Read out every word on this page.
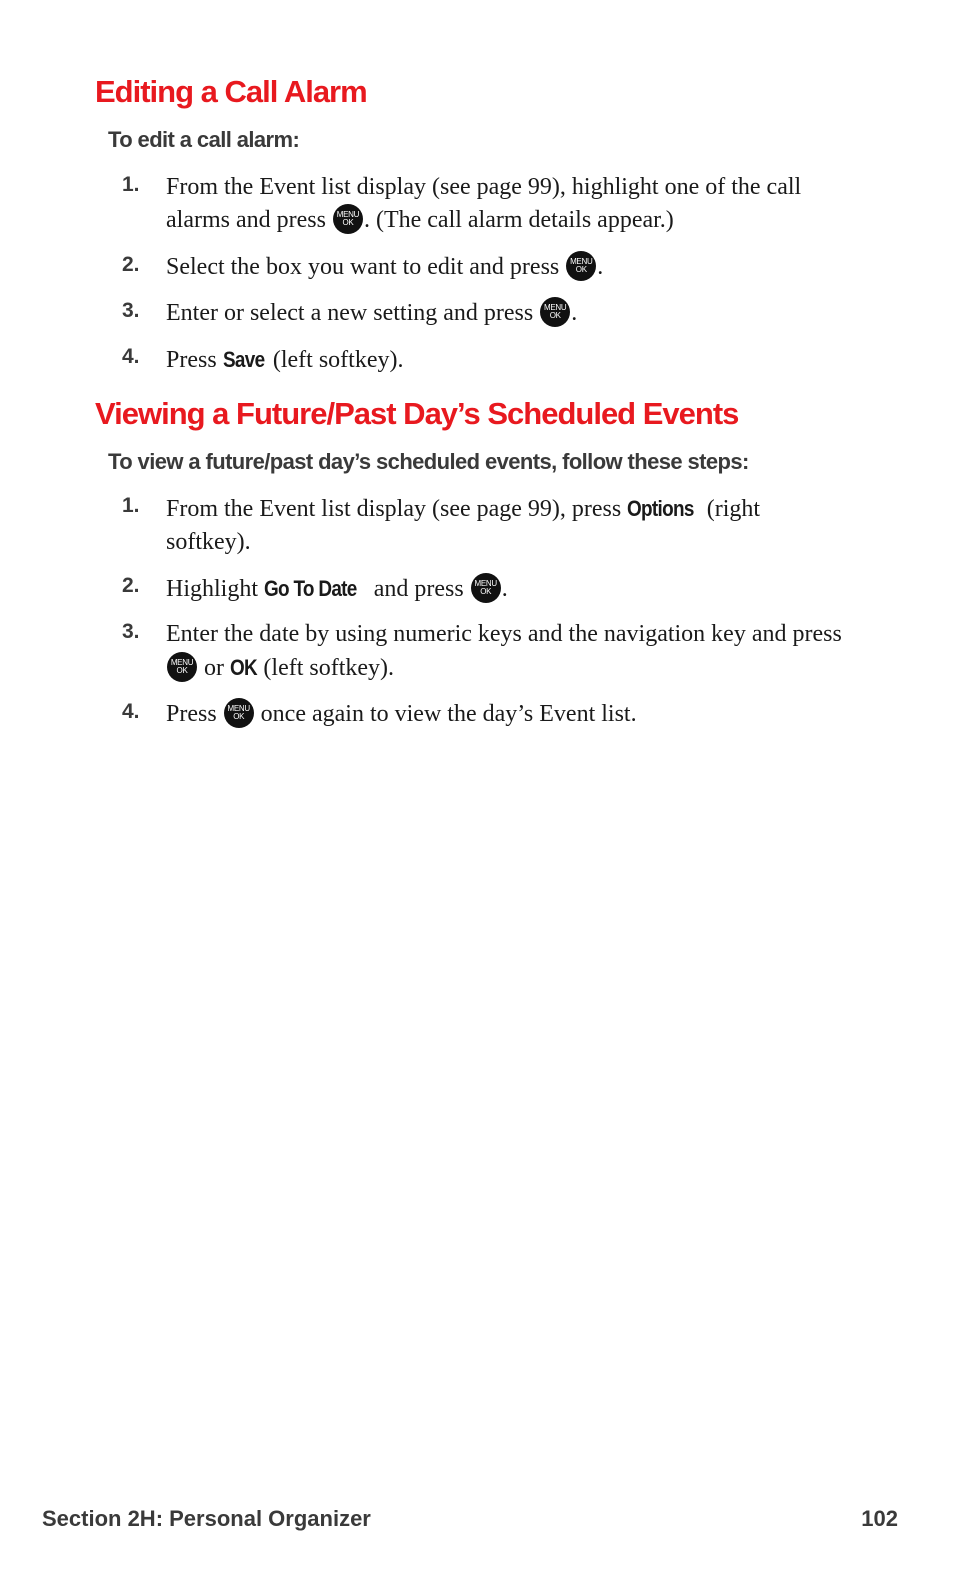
Editing a Call Alarm

To edit a call alarm:

1.	From the Event list display (see page 99), highlight one of the call alarms and press MENU
OK . (The call alarm details appear.)
2.	Select the box you want to edit and press MENU
OK .
3.	Enter or select a new setting and press MENU
OK .
4.	Press Save (left softkey).
Viewing a Future/Past Day’s Scheduled Events

To view a future/past day’s scheduled events, follow these steps:

1.	From the Event list display (see page 99), press Options (right softkey).
2.	Highlight Go To Date and press MENU
OK .
3.	Enter the date by using numeric keys and the navigation key and press
MENU
OK or OK (left softkey).
4.	Press MENU
OK once again to view the day’s Event list.
Section 2H: Personal Organizer	102
